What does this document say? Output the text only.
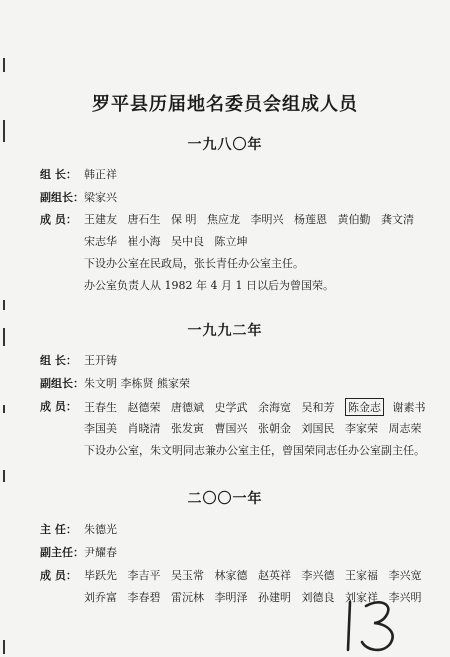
罗平县历届地名委员会组成人员
一九八〇年
组 长： 韩正祥
副组长： 梁家兴
成 员： 王建友 唐石生 保 明 焦应龙 李明兴 杨莲恩 黄伯勤 龚文清
宋志华 崔小海 吴中良 陈立坤
下设办公室在民政局，张长青任办公室主任。
办公室负责人从 1982 年 4 月 1 日以后为曾国荣。
一九九二年
组 长： 王开铸
副组长： 朱文明 李栋贤 熊家荣
成 员： 王春生 赵德荣 唐德斌 史学武 余海宽 吴和芳 陈金志 谢素书
李国美 肖晓清 张发寅 曹国兴 张朝金 刘国民 李家荣 周志荣
下设办公室，朱文明同志兼办公室主任，曾国荣同志任办公室副主任。
二〇〇一年
主 任： 朱德光
副主任： 尹耀春
成 员： 毕跃先 李吉平 吴玉常 林家德 赵英祥 李兴德 王家福 李兴宽
刘乔富 李春碧 雷沅林 李明泽 孙建明 刘德良 刘家祥 李兴明
